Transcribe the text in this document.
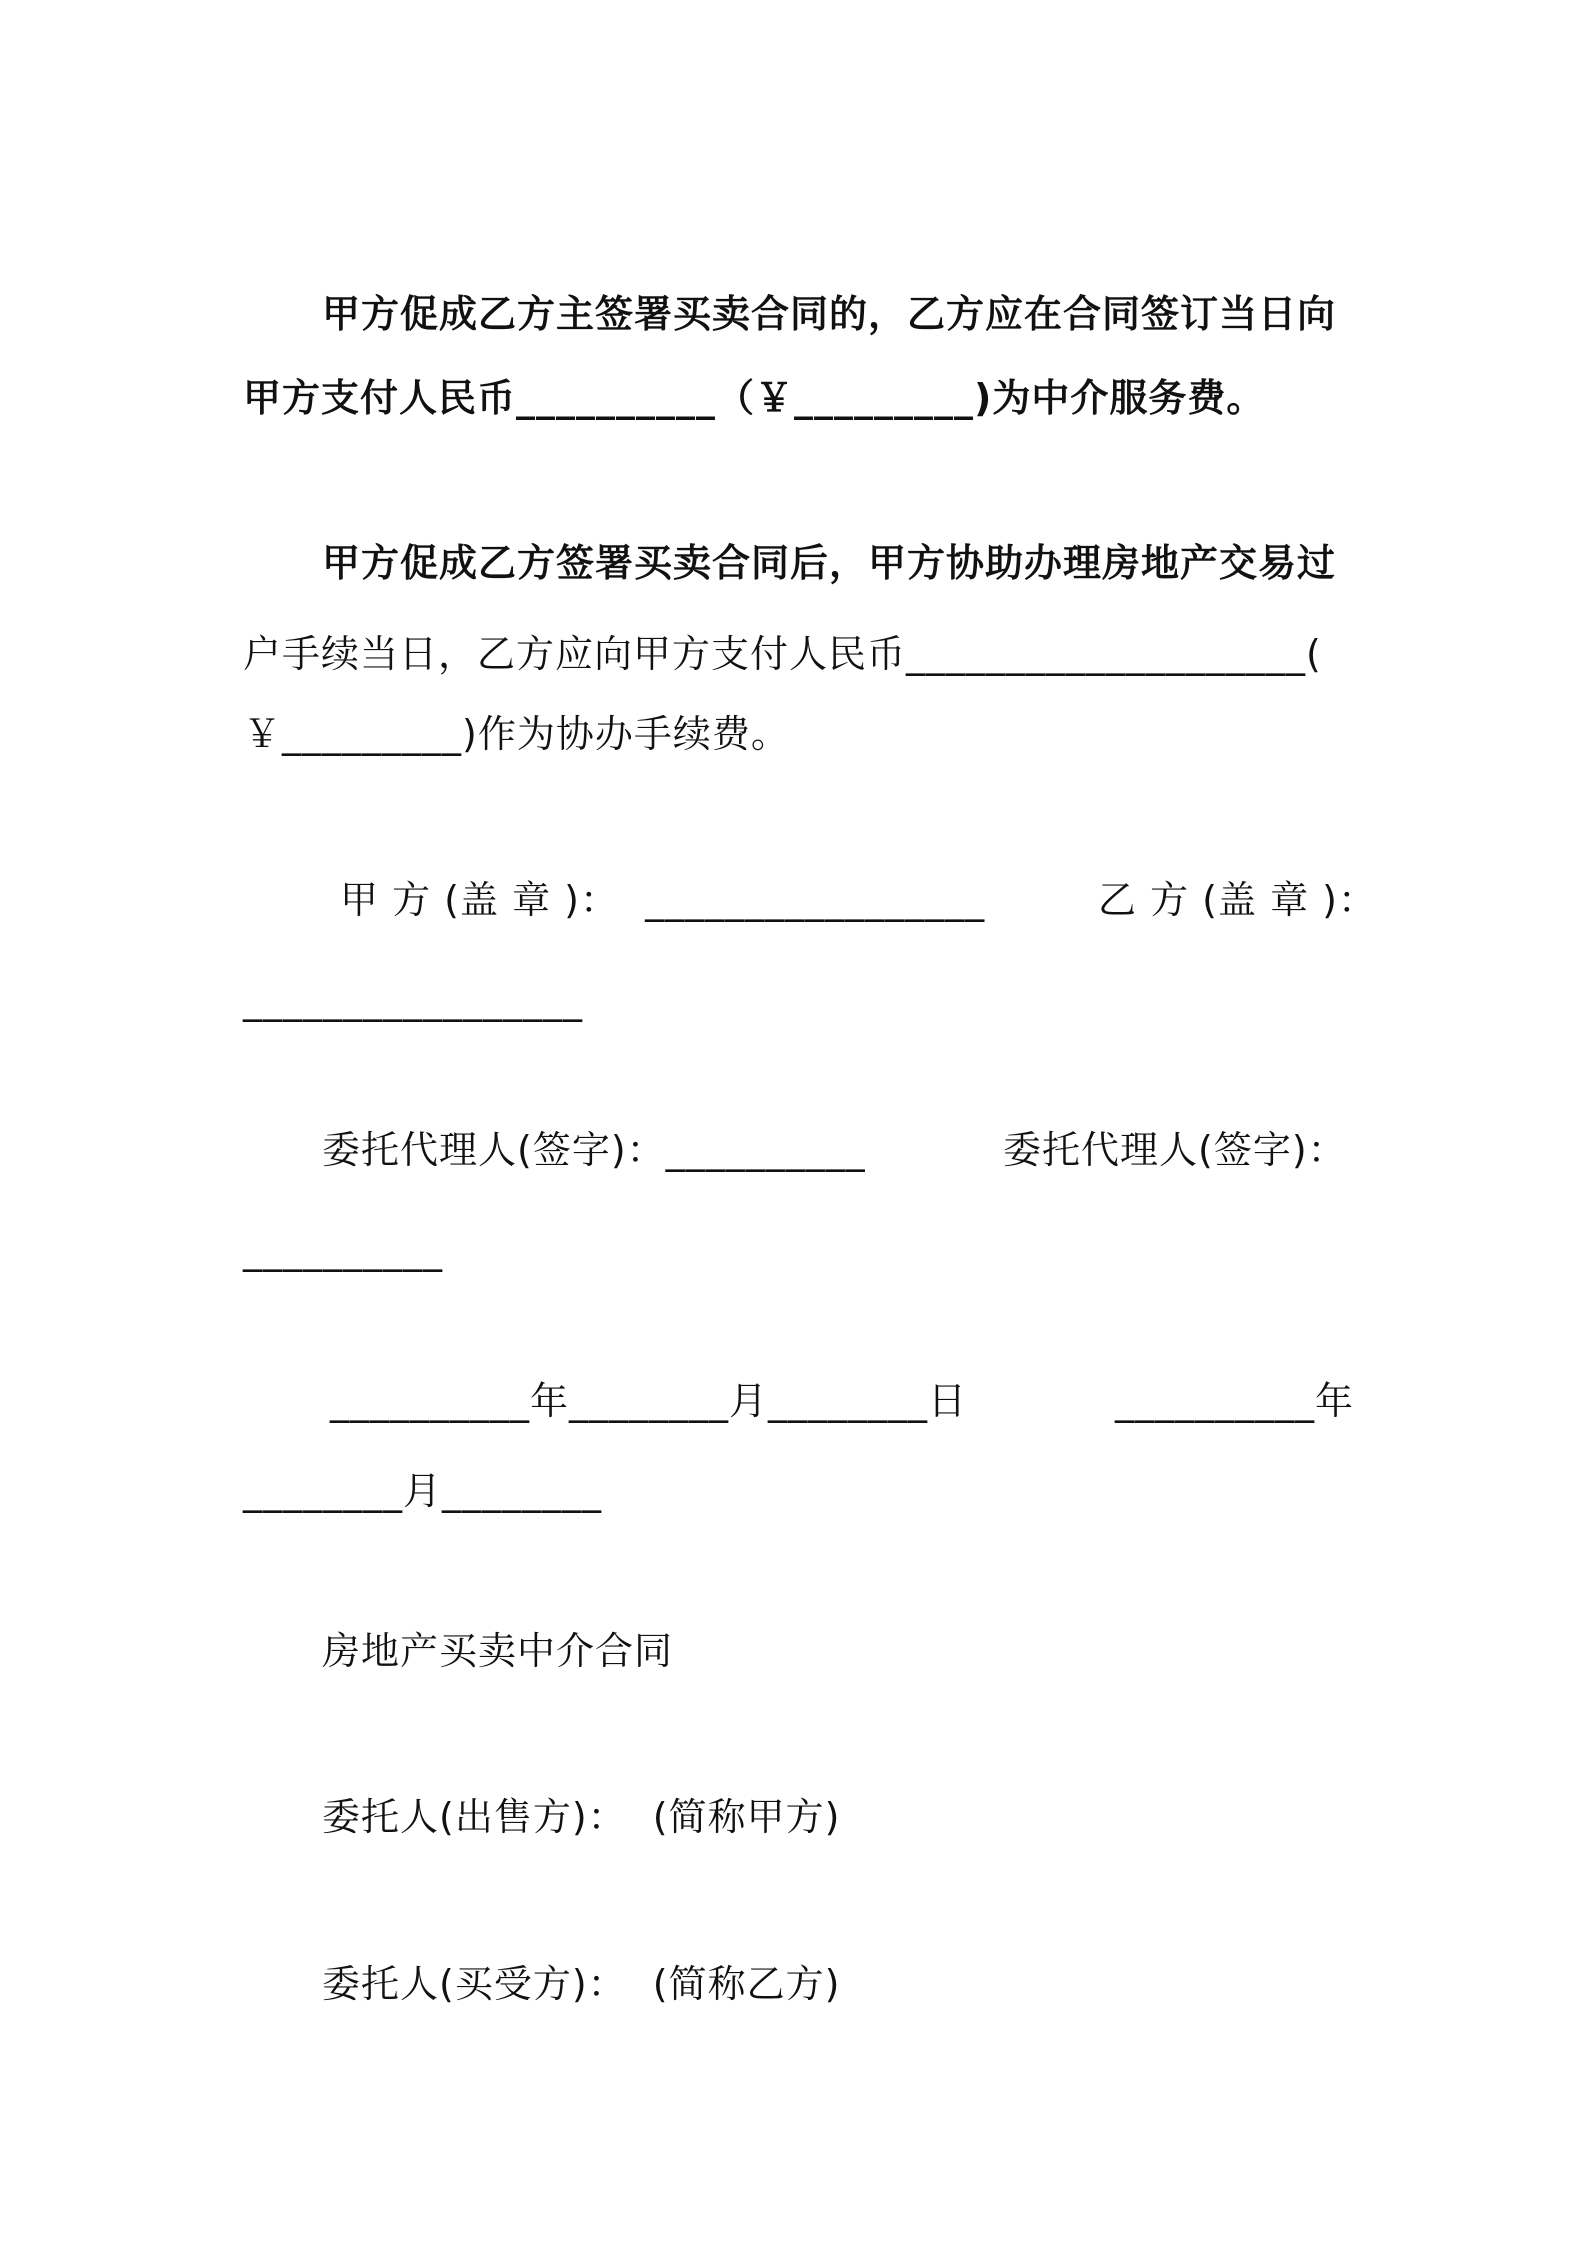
甲方促成乙方主签署买卖合同的，乙方应在合同签订当日向
甲方支付人民币__________（￥_________)为中介服务费。
甲方促成乙方签署买卖合同后，甲方协助办理房地产交易过
户手续当日，乙方应向甲方支付人民币____________________(
￥_________)作为协办手续费。
甲 方 (盖 章 )：  _________________	乙 方 (盖 章 )：
_________________
委托代理人(签字)：__________	委托代理人(签字)：
__________
__________年________月________日	__________年
________月________
房地产买卖中介合同
委托人(出售方)：  (简称甲方)
委托人(买受方)：  (简称乙方)
